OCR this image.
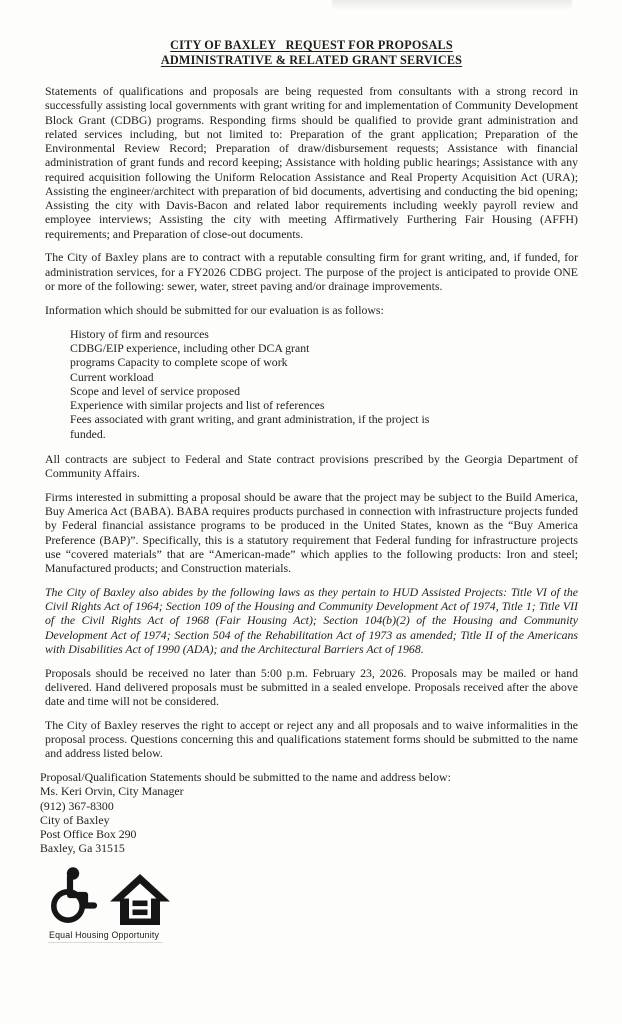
CITY OF BAXLEY   REQUEST FOR PROPOSALS
ADMINISTRATIVE & RELATED GRANT SERVICES

Statements of qualifications and proposals are being requested from consultants with a strong record in successfully assisting local governments with grant writing for and implementation of Community Development Block Grant (CDBG) programs. Responding firms should be qualified to provide grant administration and related services including, but not limited to: Preparation of the grant application; Preparation of the Environmental Review Record; Preparation of draw/disbursement requests; Assistance with financial administration of grant funds and record keeping; Assistance with holding public hearings; Assistance with any required acquisition following the Uniform Relocation Assistance and Real Property Acquisition Act (URA); Assisting the engineer/architect with preparation of bid documents, advertising and conducting the bid opening; Assisting the city with Davis-Bacon and related labor requirements including weekly payroll review and employee interviews; Assisting the city with meeting Affirmatively Furthering Fair Housing (AFFH) requirements; and Preparation of close-out documents.

The City of Baxley plans are to contract with a reputable consulting firm for grant writing, and, if funded, for administration services, for a FY2026 CDBG project. The purpose of the project is anticipated to provide ONE or more of the following: sewer, water, street paving and/or drainage improvements.

Information which should be submitted for our evaluation is as follows:

History of firm and resources
CDBG/EIP experience, including other DCA grant
programs Capacity to complete scope of work
Current workload
Scope and level of service proposed
Experience with similar projects and list of references
Fees associated with grant writing, and grant administration, if the project is
funded.

All contracts are subject to Federal and State contract provisions prescribed by the Georgia Department of Community Affairs.

Firms interested in submitting a proposal should be aware that the project may be subject to the Build America, Buy America Act (BABA). BABA requires products purchased in connection with infrastructure projects funded by Federal financial assistance programs to be produced in the United States, known as the “Buy America Preference (BAP)”. Specifically, this is a statutory requirement that Federal funding for infrastructure projects use “covered materials” that are “American-made” which applies to the following products: Iron and steel; Manufactured products; and Construction materials.

The City of Baxley also abides by the following laws as they pertain to HUD Assisted Projects: Title VI of the Civil Rights Act of 1964; Section 109 of the Housing and Community Development Act of 1974, Title 1; Title VII of the Civil Rights Act of 1968 (Fair Housing Act); Section 104(b)(2) of the Housing and Community Development Act of 1974; Section 504 of the Rehabilitation Act of 1973 as amended; Title II of the Americans with Disabilities Act of 1990 (ADA); and the Architectural Barriers Act of 1968.

Proposals should be received no later than 5:00 p.m. February 23, 2026. Proposals may be mailed or hand delivered. Hand delivered proposals must be submitted in a sealed envelope. Proposals received after the above date and time will not be considered.

The City of Baxley reserves the right to accept or reject any and all proposals and to waive informalities in the proposal process. Questions concerning this and qualifications statement forms should be submitted to the name and address listed below.

Proposal/Qualification Statements should be submitted to the name and address below:
Ms. Keri Orvin, City Manager
(912) 367-8300
City of Baxley
Post Office Box 290
Baxley, Ga 31515
Equal Housing Opportunity
